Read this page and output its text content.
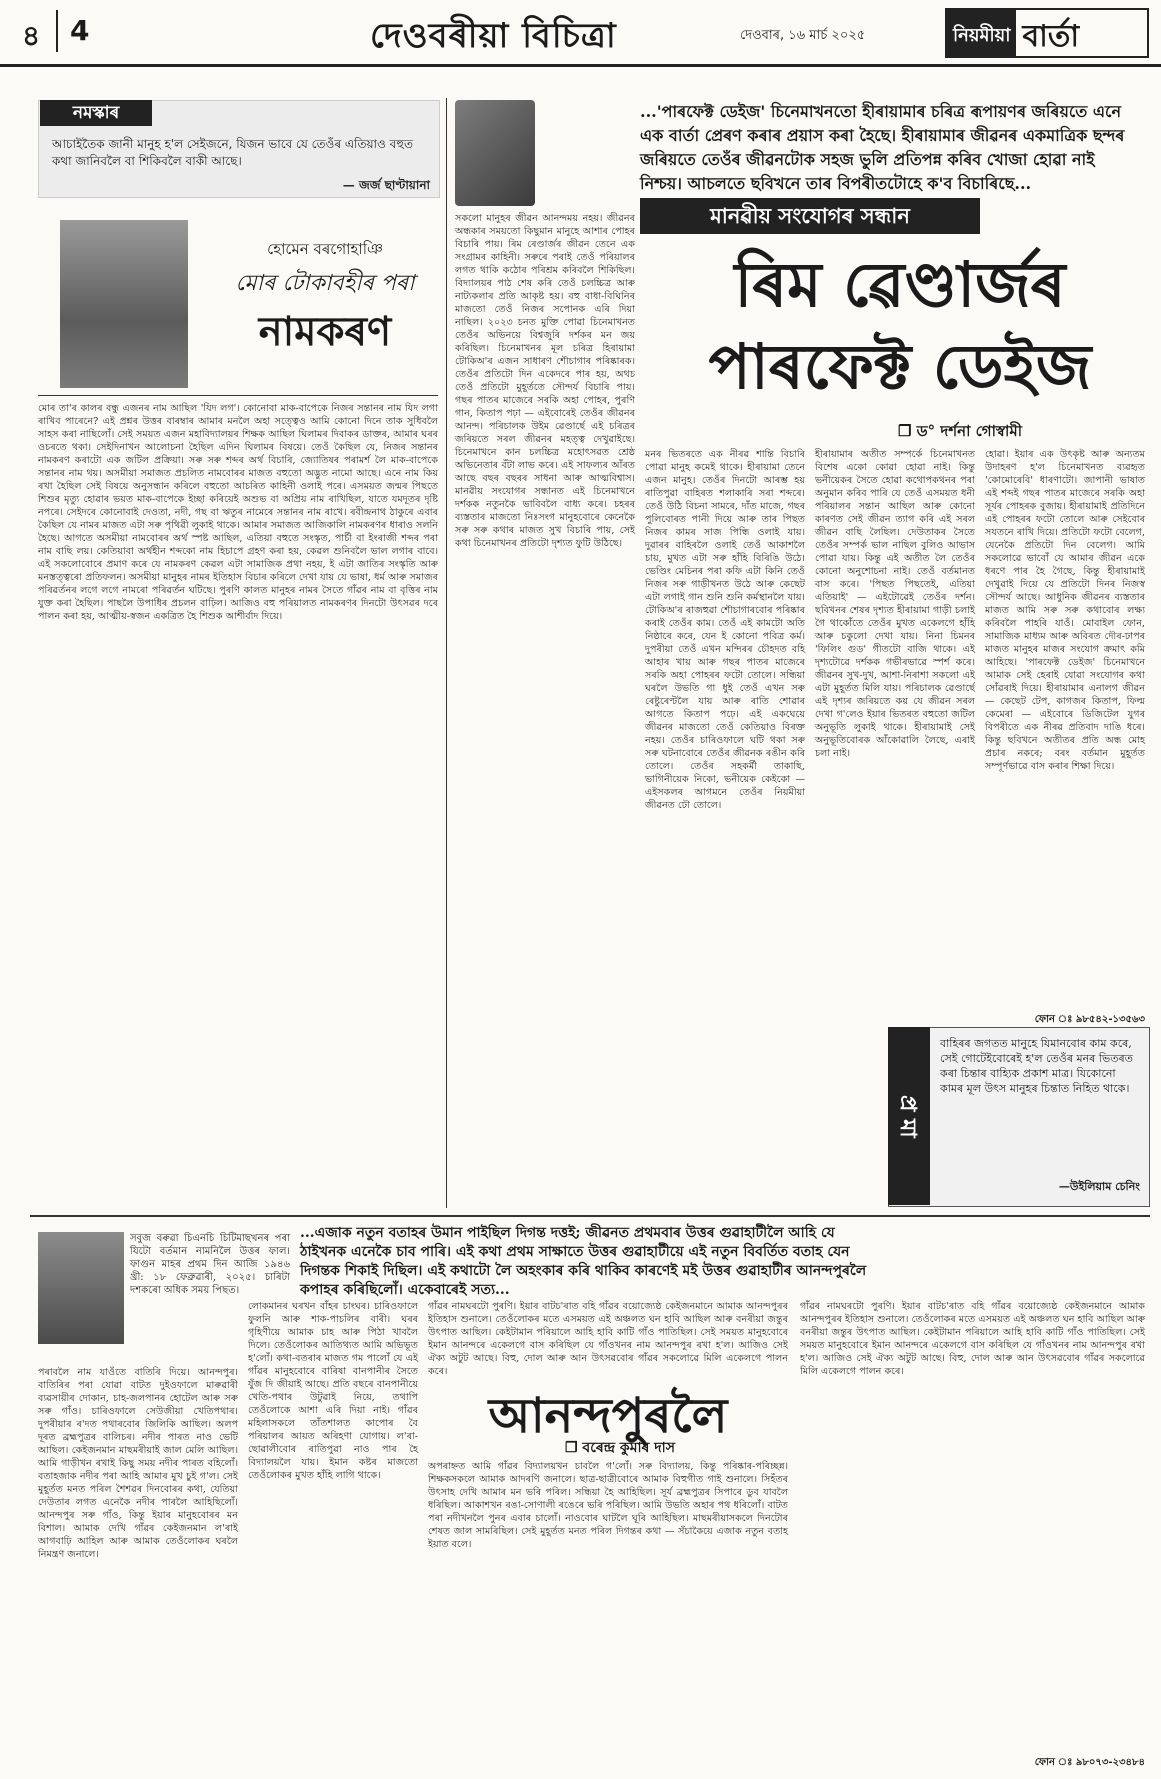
৪ 4	দেওবৰীয়া বিচিত্ৰা	দেওবাৰ, ১৬ মাৰ্চ ২০২৫	নিয়মীয়া বাৰ্তা
নমস্কাৰ
আচাইতৈক জানী মানুহ হ'ল সেইজনে, যিজন ভাবে যে তেওঁৰ এতিয়াও বহুত কথা জানিবলৈ বা শিকিবলৈ বাকী আছে।
— জৰ্জ ছাণ্টায়ানা
হোমেন বৰগোহাঞি
মোৰ টোকাবহীৰ পৰা
নামকৰণ
মোৰ তা'ৰ কালৰ বন্ধু এজনৰ নাম আছিল 'যিদ লগ'। কোনোবা মাক-বাপেকে নিজৰ সন্তানৰ নাম যিদ লগা ৰাখিব পাৰেনে? এই প্ৰশ্নৰ উত্তৰ বাৰম্বাৰ আমাৰ মনলৈ অহা সত্ত্বেও আমি কোনো দিনে তাক সুধিবলৈ সাহস কৰা নাছিলোঁ। সেই সময়ত এজন মহাবিদ্যালয়ৰ শিক্ষক আছিল ঘিলামৰ দিবাকৰ ডাক্তৰ, আমাৰ ঘৰৰ ওচৰতে থকা। সেইদিনাখন আলোচনা হৈছিল এদিন ঘিলামৰ বিষয়ে। তেওঁ কৈছিল যে, নিজৰ সন্তানৰ নামকৰণ কৰাটো এক জটিল প্ৰক্ৰিয়া। সৰু সৰু শব্দৰ অৰ্থ বিচাৰি, জ্যোতিষৰ পৰামৰ্শ লৈ মাক-বাপেকে সন্তানৰ নাম থয়। অসমীয়া সমাজত প্ৰচলিত নামবোৰৰ মাজত বহুতো অদ্ভুত নামো আছে। এনে নাম কিয় ৰখা হৈছিল সেই বিষয়ে অনুসন্ধান কৰিলে বহুতো আচৰিত কাহিনী ওলাই পৰে। এসময়ত জন্মৰ পিছতে শিশুৰ মৃত্যু হোৱাৰ ভয়ত মাক-বাপেকে ইচ্ছা কৰিয়েই অশুভ বা অপ্ৰিয় নাম ৰাখিছিল, যাতে যমদূতৰ দৃষ্টি নপৰে। সেইদৰে কোনোবাই দেওতা, নদী, গছ বা ঋতুৰ নামেৰে সন্তানৰ নাম ৰাখে। ৰবীন্দ্ৰনাথ ঠাকুৰে এবাৰ কৈছিল যে নামৰ মাজত এটা সৰু পৃথিৱী লুকাই থাকে। আমাৰ সমাজত আজিকালি নামকৰণৰ ধাৰাও সলনি হৈছে। আগতে অসমীয়া নামবোৰৰ অৰ্থ স্পষ্ট আছিল, এতিয়া বহুতে সংস্কৃত, পাৰ্চী বা ইংৰাজী শব্দৰ পৰা নাম বাছি লয়। কেতিয়াবা অৰ্থহীন শব্দকো নাম হিচাপে গ্ৰহণ কৰা হয়, কেৱল শুনিবলৈ ভাল লগাৰ বাবে। এই সকলোবোৰে প্ৰমাণ কৰে যে নামকৰণ কেৱল এটা সামাজিক প্ৰথা নহয়, ই এটা জাতিৰ সংস্কৃতি আৰু মনস্তত্ত্বৰো প্ৰতিফলন। অসমীয়া মানুহৰ নামৰ ইতিহাস বিচাৰ কৰিলে দেখা যায় যে ভাষা, ধৰ্ম আৰু সমাজৰ পৰিৱৰ্তনৰ লগে লগে নামৰো পৰিৱৰ্তন ঘটিছে। পুৰণি কালত মানুহৰ নামৰ সৈতে গাঁৱৰ নাম বা বৃত্তিৰ নাম যুক্ত কৰা হৈছিল। পাছলৈ উপাধিৰ প্ৰচলন বাঢ়িল। আজিও বহু পৰিয়ালত নামকৰণৰ দিনটো উৎসৱৰ দৰে পালন কৰা হয়, আত্মীয়-স্বজন একত্ৰিত হৈ শিশুক আশীৰ্বাদ দিয়ে।
সকলো মানুহৰ জীৱন আনন্দময় নহয়। জীৱনৰ অন্ধকাৰ সময়তো কিছুমান মানুহে আশাৰ পোহৰ বিচাৰি পায়। ৰিম ৰেণ্ডাৰ্জৰ জীৱন তেনে এক সংগ্ৰামৰ কাহিনী। সৰুৰে পৰাই তেওঁ পৰিয়ালৰ লগত থাকি কঠোৰ পৰিশ্ৰম কৰিবলৈ শিকিছিল। বিদ্যালয়ৰ পাঠ শেষ কৰি তেওঁ চলচ্চিত্ৰ আৰু নাট্যকলাৰ প্ৰতি আকৃষ্ট হয়। বহু বাধা-বিঘিনিৰ মাজতো তেওঁ নিজৰ সপোনক এৰি দিয়া নাছিল। ২০২৩ চনত মুক্তি পোৱা চিনেমাখনত তেওঁৰ অভিনয়ে বিশ্বজুৰি দৰ্শকৰ মন জয় কৰিছিল। চিনেমাখনৰ মূল চৰিত্ৰ হিৰায়ামা টোকিঅ'ৰ এজন সাধাৰণ শৌচাগাৰ পৰিষ্কাৰক। তেওঁৰ প্ৰতিটো দিন একেদৰে পাৰ হয়, অথচ তেওঁ প্ৰতিটো মুহূৰ্ততে সৌন্দৰ্য বিচাৰি পায়। গছৰ পাতৰ মাজেৰে সৰকি অহা পোহৰ, পুৰণি গান, কিতাপ পঢ়া — এইবোৰেই তেওঁৰ জীৱনৰ আনন্দ। পৰিচালক উইম ৱেণ্ডাৰ্ছে এই চৰিত্ৰৰ জৰিয়তে সৰল জীৱনৰ মহত্ত্ব দেখুৱাইছে। চিনেমাখনে কান চলচ্চিত্ৰ মহোৎসৱত শ্ৰেষ্ঠ অভিনেতাৰ বঁটা লাভ কৰে। এই সাফল্যৰ আঁৰত আছে বছৰ বছৰৰ সাধনা আৰু আত্মবিশ্বাস। মানৱীয় সংযোগৰ সন্ধানত এই চিনেমাখনে দৰ্শকক নতুনকৈ ভাবিবলৈ বাধ্য কৰে। চহৰৰ ব্যস্ততাৰ মাজতো নিঃসংগ মানুহবোৰে কেনেকৈ সৰু সৰু কথাৰ মাজত সুখ বিচাৰি পায়, সেই কথা চিনেমাখনৰ প্ৰতিটো দৃশ্যত ফুটি উঠিছে।
...'পাৰফেক্ট ডেইজ' চিনেমাখনতো হীৰায়ামাৰ চৰিত্ৰ ৰূপায়ণৰ জৰিয়তে এনে এক বাৰ্তা প্ৰেৰণ কৰাৰ প্ৰয়াস কৰা হৈছে। হীৰায়ামাৰ জীৱনৰ একমাত্ৰিক ছন্দৰ জৰিয়তে তেওঁৰ জীৱনটোক সহজ ভুলি প্ৰতিপন্ন কৰিব খোজা হোৱা নাই নিশ্চয়। আচলতে ছবিখনে তাৰ বিপৰীতটোহে ক'ব বিচাৰিছে...
মানৱীয় সংযোগৰ সন্ধান
ৰিম ৱেণ্ডাৰ্জৰ
পাৰফেক্ট ডেইজ
❐ ড° দৰ্শনা গোস্বামী
মনৰ ভিতৰতে এক নীৰৱ শান্তি বিচাৰি পোৱা মানুহ কমেই থাকে। হীৰায়ামা তেনে এজন মানুহ। তেওঁৰ দিনটো আৰম্ভ হয় ৰাতিপুৱা বাহিৰত শলাকাৰি সৰা শব্দৰে। তেওঁ উঠি বিচনা সামৰে, দাঁত মাজে, গছৰ পুলিবোৰত পানী দিয়ে আৰু তাৰ পিছত নিজৰ কামৰ সাজ পিন্ধি ওলাই যায়। দুৱাৰৰ বাহিৰলৈ ওলাই তেওঁ আকাশলৈ চায়, মুখত এটা সৰু হাঁহি বিৰিঙি উঠে। ভেণ্ডিং মেচিনৰ পৰা কফি এটা কিনি তেওঁ নিজৰ সৰু গাড়ীখনত উঠে আৰু কেছেট এটা লগাই গান শুনি শুনি কৰ্মস্থানলৈ যায়। টোকিঅ'ৰ ৰাজহুৱা শৌচাগাৰবোৰ পৰিষ্কাৰ কৰাই তেওঁৰ কাম। তেওঁ এই কামটো অতি নিষ্ঠাৰে কৰে, যেন ই কোনো পবিত্ৰ কৰ্ম। দুপৰীয়া তেওঁ এখন মন্দিৰৰ চৌহদত বহি আহাৰ খায় আৰু গছৰ পাতৰ মাজেৰে সৰকি অহা পোহৰৰ ফটো তোলে। সন্ধিয়া ঘৰলৈ উভতি গা ধুই তেওঁ এখন সৰু ৰেষ্টুৰেণ্টলৈ যায় আৰু ৰাতি শোৱাৰ আগতে কিতাপ পঢ়ে। এই একঘেয়ে জীৱনৰ মাজতো তেওঁ কেতিয়াও বিৰক্ত নহয়। তেওঁৰ চাৰিওফালে ঘটি থকা সৰু সৰু ঘটনাবোৰে তেওঁৰ জীৱনক ৰঙীন কৰি তোলে। তেওঁৰ সহকৰ্মী তাকাছি, ভাগিনীয়েক নিকো, ভনীয়েক কেইকো — এইসকলৰ আগমনে তেওঁৰ নিয়মীয়া জীৱনত ঢৌ তোলে।
হীৰায়ামাৰ অতীত সম্পৰ্কে চিনেমাখনত বিশেষ একো কোৱা হোৱা নাই। কিন্তু ভনীয়েকৰ সৈতে হোৱা কথোপকথনৰ পৰা অনুমান কৰিব পাৰি যে তেওঁ এসময়ত ধনী পৰিয়ালৰ সন্তান আছিল আৰু কোনো কাৰণত সেই জীৱন ত্যাগ কৰি এই সৰল জীৱন বাছি লৈছিল। দেউতাকৰ সৈতে তেওঁৰ সম্পৰ্ক ভাল নাছিল বুলিও আভাস পোৱা যায়। কিন্তু এই অতীত লৈ তেওঁৰ কোনো অনুশোচনা নাই। তেওঁ বৰ্তমানত বাস কৰে। 'পিছত পিছতেই, এতিয়া এতিয়াই' — এইটোৱেই তেওঁৰ দৰ্শন। ছবিখনৰ শেষৰ দৃশ্যত হীৰায়ামা গাড়ী চলাই গৈ থাকোঁতে তেওঁৰ মুখত একেলগে হাঁহি আৰু চকুলো দেখা যায়। নিনা চিমনৰ 'ফিলিং গুড' গীতটো বাজি থাকে। এই দৃশ্যটোৱে দৰ্শকক গভীৰভাৱে স্পৰ্শ কৰে। জীৱনৰ সুখ-দুখ, আশা-নিৰাশা সকলো এই এটা মুহূৰ্তত মিলি যায়। পৰিচালক ৱেণ্ডাৰ্ছে এই দৃশ্যৰ জৰিয়তে কয় যে জীৱন সৰল দেখা গ'লেও ইয়াৰ ভিতৰত বহুতো জটিল অনুভূতি লুকাই থাকে। হীৰায়ামাই সেই অনুভূতিবোৰক আঁকোৱালি লৈছে, এৰাই চলা নাই।
হোৱা। ইয়াৰ এক উৎকৃষ্ট আৰু অন্যতম উদাহৰণ হ'ল চিনেমাখনত ব্যৱহৃত 'কোমোৰেবি' ধাৰণাটো। জাপানী ভাষাত এই শব্দই গছৰ পাতৰ মাজেৰে সৰকি অহা সূৰ্যৰ পোহৰক বুজায়। হীৰায়ামাই প্ৰতিদিনে এই পোহৰৰ ফটো তোলে আৰু সেইবোৰ সযতনে ৰাখি দিয়ে। প্ৰতিটো ফটো বেলেগ, যেনেকৈ প্ৰতিটো দিন বেলেগ। আমি সকলোৱে ভাবোঁ যে আমাৰ জীৱন একে ধৰণে পাৰ হৈ গৈছে, কিন্তু হীৰায়ামাই দেখুৱাই দিয়ে যে প্ৰতিটো দিনৰ নিজস্ব সৌন্দৰ্য আছে। আধুনিক জীৱনৰ ব্যস্ততাৰ মাজত আমি সৰু সৰু কথাবোৰ লক্ষ্য কৰিবলৈ পাহৰি যাওঁ। মোবাইল ফোন, সামাজিক মাধ্যম আৰু অবিৰত দৌৰ-ঢাপৰ মাজত মানুহৰ মাজৰ সংযোগ ক্ৰমাৎ কমি আহিছে। 'পাৰফেক্ট ডেইজ' চিনেমাখনে আমাক সেই হেৰাই যোৱা সংযোগৰ কথা সোঁৱৰাই দিয়ে। হীৰায়ামাৰ এনালগ জীৱন — কেছেট টেপ, কাগজৰ কিতাপ, ফিল্ম কেমেৰা — এইবোৰে ডিজিটেল যুগৰ বিপৰীতে এক নীৰৱ প্ৰতিবাদ দাঙি ধৰে। কিন্তু ছবিখনে অতীতৰ প্ৰতি অন্ধ মোহ প্ৰচাৰ নকৰে; বৰং বৰ্তমান মুহূৰ্তত সম্পূৰ্ণভাৱে বাস কৰাৰ শিক্ষা দিয়ে।
ফোন ঃ ৯৮৫৪২-১৩৫৬৩
প্ৰ মা
বাহিৰৰ জগতত মানুহে যিমানবোৰ কাম কৰে, সেই গোটেইবোৰেই হ'ল তেওঁৰ মনৰ ভিতৰত কৰা চিন্তাৰ বাহ্যিক প্ৰকাশ মাত্ৰ। যিকোনো কামৰ মূল উৎস মানুহৰ চিন্তাত নিহিত থাকে।
—উইলিয়াম চেনিং
সবুজ বৰুৱা চিএনচি চিটিমাছখনৰ পৰা যিটো বৰ্তমান নামনিলৈ উত্তৰ ফাল। ফাগুন মাহৰ প্ৰথম দিন আজি ১৯৪৬ খ্ৰী: ১৮ ফেব্ৰুৱাৰী, ২০২৫। চাৰিটা দশকৰো অধিক সময় পিছত।
...এজাক নতুন বতাহৰ উমান পাইছিল দিগন্ত দত্তই; জীৱনত প্ৰথমবাৰ উত্তৰ গুৱাহাটীলৈ আহি যে ঠাইখনক এনেকৈ চাব পাৰি। এই কথা প্ৰথম সাক্ষাতে উত্তৰ গুৱাহাটীয়ে এই নতুন বিবৰ্তিত বতাহ যেন দিগন্তক শিকাই দিছিল। এই কথাটো লৈ অহংকাৰ কৰি থাকিব কাৰণেই মই উত্তৰ গুৱাহাটীৰ আনন্দপুৰলৈ কপাহৰ কৰিছিলোঁ। একেবাৰেই সত্য...
পৰাবলৈ নাম যাওঁতে বাতিৰি দিয়ে। আনন্দপুৰ। বাতিৰিৰ পৰা যোৱা বাটত দুইওফালে মাৰুৱাৰী ব্যৱসায়ীৰ দোকান, চাহ-জলপানৰ হোটেল আৰু সৰু সৰু গাঁও। চাৰিওফালে সেউজীয়া খেতিপথাৰ। দুপৰীয়াৰ ৰ'দত পথাৰবোৰ জিলিকি আছিল। অলপ দূৰত ব্ৰহ্মপুত্ৰৰ বালিচৰ। নদীৰ পাৰত নাও ভেটি আছিল। কেইজনমান মাছমৰীয়াই জাল মেলি আছিল। আমি গাড়ীখন ৰখাই কিছু সময় নদীৰ পাৰত বহিলোঁ। বতাহজাক নদীৰ পৰা আহি আমাৰ মুখ চুই গ'ল। সেই মুহূৰ্তত মনত পৰিল শৈশৱৰ দিনবোৰৰ কথা, যেতিয়া দেউতাৰ লগত এনেকৈ নদীৰ পাৰলৈ আহিছিলোঁ। আনন্দপুৰ সৰু গাঁও, কিন্তু ইয়াৰ মানুহবোৰৰ মন বিশাল। আমাক দেখি গাঁৱৰ কেইজনমান ল'ৰাই আগবাঢ়ি আহিল আৰু আমাক তেওঁলোকৰ ঘৰলৈ নিমন্ত্ৰণ জনালে।
লোকমানৰ ঘৰখন বাঁহৰ চাংঘৰ। চাৰিওফালে ফুলনি আৰু শাক-পাচলিৰ বাৰী। ঘৰৰ গৃহিণীয়ে আমাক চাহ আৰু পিঠা খাবলৈ দিলে। তেওঁলোকৰ আতিথ্যত আমি অভিভূত হ'লোঁ। কথা-বতৰাৰ মাজত গম পালোঁ যে এই গাঁৱৰ মানুহবোৰে বাৰিষা বানপানীৰ সৈতে যুঁজ দি জীয়াই আছে। প্ৰতি বছৰে বানপানীয়ে খেতি-পথাৰ উটুৱাই নিয়ে, তথাপি তেওঁলোকে আশা এৰি দিয়া নাই। গাঁৱৰ মহিলাসকলে তাঁতশালত কাপোৰ বৈ পৰিয়ালৰ আয়ত অৰিহণা যোগায়। ল'ৰা-ছোৱালীবোৰ ৰাতিপুৱা নাও পাৰ হৈ বিদ্যালয়লৈ যায়। ইমান কষ্টৰ মাজতো তেওঁলোকৰ মুখত হাঁহি লাগি থাকে।
গাঁৱৰ নামঘৰটো পুৰণি। ইয়াৰ বাটচ'ৰাত বহি গাঁৱৰ বয়োজ্যেষ্ঠ কেইজনমানে আমাক আনন্দপুৰৰ ইতিহাস শুনালে। তেওঁলোকৰ মতে এসময়ত এই অঞ্চলত ঘন হাবি আছিল আৰু বনৰীয়া জন্তুৰ উৎপাত আছিল। কেইটামান পৰিয়ালে আহি হাবি কাটি গাঁও পাতিছিল। সেই সময়ত মানুহবোৰে ইমান আনন্দৰে একেলগে বাস কৰিছিল যে গাঁওখনৰ নাম আনন্দপুৰ ৰখা হ'ল। আজিও সেই ঐক্য অটুট আছে। বিহু, দোল আৰু আন উৎসৱবোৰ গাঁৱৰ সকলোৱে মিলি একেলগে পালন কৰে।
আনন্দপুৰলৈ
❐ বৰেন্দ্ৰ কুমাৰ দাস
অপৰাহ্নত আমি গাঁৱৰ বিদ্যালয়খন চাবলৈ গ'লোঁ। সৰু বিদ্যালয়, কিন্তু পৰিষ্কাৰ-পৰিচ্ছন্ন। শিক্ষকসকলে আমাক আদৰণি জনালে। ছাত্ৰ-ছাত্ৰীবোৰে আমাক বিহুগীত গাই শুনালে। সিহঁতৰ উৎসাহ দেখি আমাৰ মন ভৰি পৰিল। সন্ধিয়া হৈ আহিছিল। সূৰ্য ব্ৰহ্মপুত্ৰৰ সিপাৰে ডুব যাবলৈ ধৰিছিল। আকাশখন ৰঙা-সোণালী ৰঙেৰে ভৰি পৰিছিল। আমি উভতি অহাৰ পথ ধৰিলোঁ। বাটত পৰা নদীখনলৈ পুনৰ এবাৰ চালোঁ। নাওবোৰ ঘাটলৈ ঘূৰি আহিছিল। মাছমৰীয়াসকলে দিনটোৰ শেষত জাল সামৰিছিল। সেই মুহূৰ্তত মনত পৰিল দিগন্তৰ কথা — সঁচাকৈয়ে এজাক নতুন বতাহ ইয়াত বলে।
গাঁৱৰ নামঘৰটো পুৰণি। ইয়াৰ বাটচ'ৰাত বহি গাঁৱৰ বয়োজ্যেষ্ঠ কেইজনমানে আমাক আনন্দপুৰৰ ইতিহাস শুনালে। তেওঁলোকৰ মতে এসময়ত এই অঞ্চলত ঘন হাবি আছিল আৰু বনৰীয়া জন্তুৰ উৎপাত আছিল। কেইটামান পৰিয়ালে আহি হাবি কাটি গাঁও পাতিছিল। সেই সময়ত মানুহবোৰে ইমান আনন্দৰে একেলগে বাস কৰিছিল যে গাঁওখনৰ নাম আনন্দপুৰ ৰখা হ'ল। আজিও সেই ঐক্য অটুট আছে। বিহু, দোল আৰু আন উৎসৱবোৰ গাঁৱৰ সকলোৱে মিলি একেলগে পালন কৰে।
ফোন ঃ ৯৮০৭৩-২৩৪৮৪
